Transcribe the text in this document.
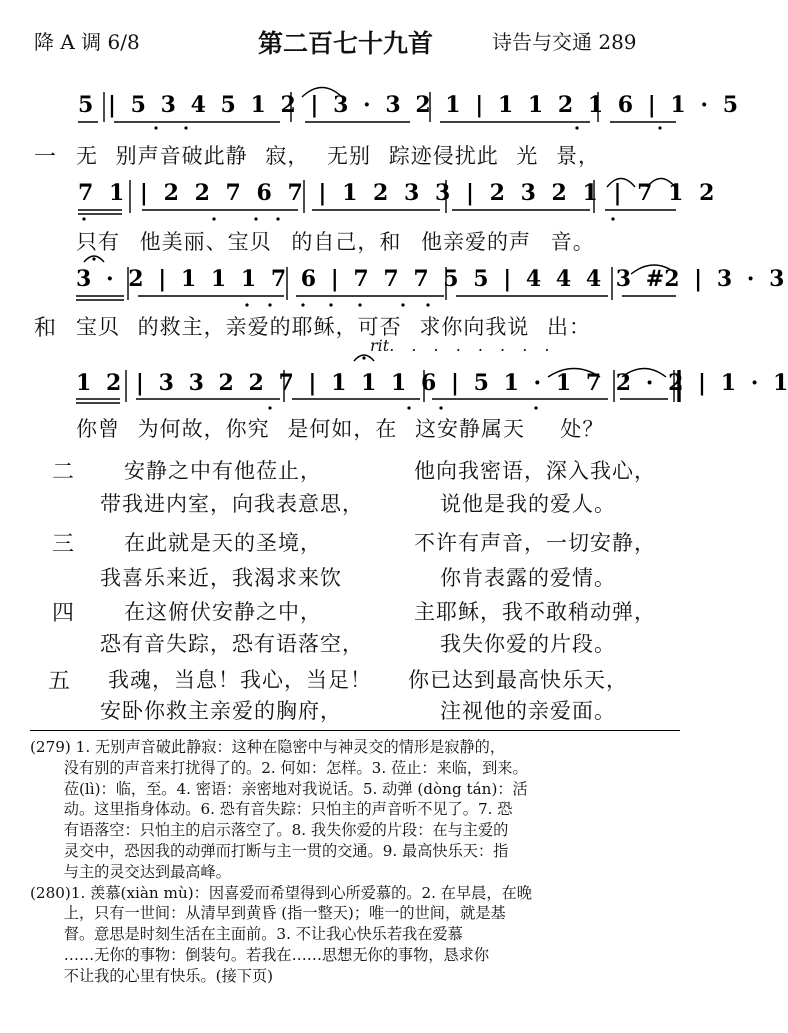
降 A 调 6/8	第二百七十九首	诗告与交通 289
5 | 5 3 4 5 1 2 | 3 · 3 2 1 | 1 1 2 1 6 | 1 · 5
一 无 别声音破此静 寂， 无别 踪迹侵扰此 光 景，
7 1 | 2 2 7 6 7 | 1 2 3 3 | 2 3 2 1 | 7 1 2
只有 他美丽、宝贝 的自己，和 他亲爱的声 音。
3 · 2 | 1 1 1 7 6 | 7 7 7 5 5 | 4 4 4 3 #2 | 3 · 3
和 宝贝 的救主，亲爱的耶稣，可否 求你向我说 出：
rit. . . . . . . .
1 2 | 3 3 2 2 7 | 1 1 1 6 | 5 1 · 1 7 2 · 2 | 1 · 1
你曾 为何故，你究 是何如，在 这安静属天  处？
二 安静之中有他莅止，	他向我密语，深入我心，
带我进内室，向我表意思，	说他是我的爱人。
三 在此就是天的圣境，	不许有声音，一切安静，
我喜乐来近，我渴求来饮	你肯表露的爱情。
四 在这俯伏安静之中，	主耶稣，我不敢稍动弹，
恐有音失踪，恐有语落空，	我失你爱的片段。
五 我魂，当息！我心，当足！ 你已达到最高快乐天，
安卧你救主亲爱的胸府，	注视他的亲爱面。
(279) 1. 无别声音破此静寂：这种在隐密中与神灵交的情形是寂静的，
没有别的声音来打扰得了的。2. 何如：怎样。3. 莅止：来临，到来。
莅(lì)：临，至。4. 密语：亲密地对我说话。5. 动弹 (dòng tán)：活
动。这里指身体动。6. 恐有音失踪：只怕主的声音听不见了。7. 恐
有语落空：只怕主的启示落空了。8. 我失你爱的片段：在与主爱的
灵交中，恐因我的动弹而打断与主一贯的交通。9. 最高快乐天：指
与主的灵交达到最高峰。
(280)1. 羡慕(xiàn mù)：因喜爱而希望得到心所爱慕的。2. 在早晨，在晚
上，只有一世间：从清早到黄昏 (指一整天)；唯一的世间，就是基
督。意思是时刻生活在主面前。3. 不让我心快乐若我在爱慕
……无你的事物：倒装句。若我在……思想无你的事物，恳求你
不让我的心里有快乐。(接下页)
